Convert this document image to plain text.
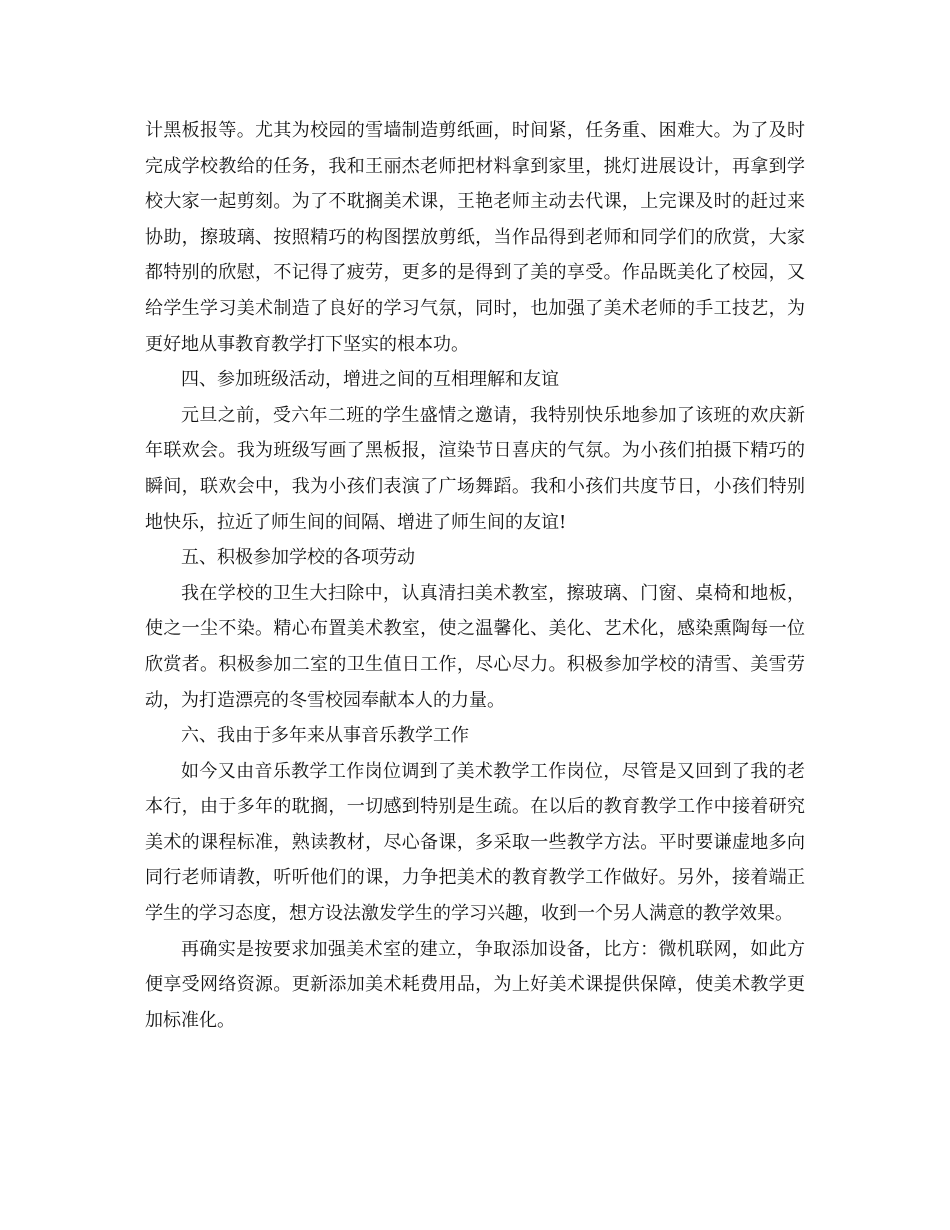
计黑板报等。尤其为校园的雪墙制造剪纸画，时间紧，任务重、困难大。为了及时完成学校教给的任务，我和王丽杰老师把材料拿到家里，挑灯进展设计，再拿到学校大家一起剪刻。为了不耽搁美术课，王艳老师主动去代课，上完课及时的赶过来协助，擦玻璃、按照精巧的构图摆放剪纸，当作品得到老师和同学们的欣赏，大家都特别的欣慰，不记得了疲劳，更多的是得到了美的享受。作品既美化了校园，又给学生学习美术制造了良好的学习气氛，同时，也加强了美术老师的手工技艺，为更好地从事教育教学打下坚实的根本功。

四、参加班级活动，增进之间的互相理解和友谊

元旦之前，受六年二班的学生盛情之邀请，我特别快乐地参加了该班的欢庆新年联欢会。我为班级写画了黑板报，渲染节日喜庆的气氛。为小孩们拍摄下精巧的瞬间，联欢会中，我为小孩们表演了广场舞蹈。我和小孩们共度节日，小孩们特别地快乐，拉近了师生间的间隔、增进了师生间的友谊!

五、积极参加学校的各项劳动

我在学校的卫生大扫除中，认真清扫美术教室，擦玻璃、门窗、桌椅和地板，使之一尘不染。精心布置美术教室，使之温馨化、美化、艺术化，感染熏陶每一位欣赏者。积极参加二室的卫生值日工作，尽心尽力。积极参加学校的清雪、美雪劳动，为打造漂亮的冬雪校园奉献本人的力量。

六、我由于多年来从事音乐教学工作

如今又由音乐教学工作岗位调到了美术教学工作岗位，尽管是又回到了我的老本行，由于多年的耽搁，一切感到特别是生疏。在以后的教育教学工作中接着研究美术的课程标准，熟读教材，尽心备课，多采取一些教学方法。平时要谦虚地多向同行老师请教，听听他们的课，力争把美术的教育教学工作做好。另外，接着端正学生的学习态度，想方设法激发学生的学习兴趣，收到一个另人满意的教学效果。

再确实是按要求加强美术室的建立，争取添加设备，比方：微机联网，如此方便享受网络资源。更新添加美术耗费用品，为上好美术课提供保障，使美术教学更加标准化。
